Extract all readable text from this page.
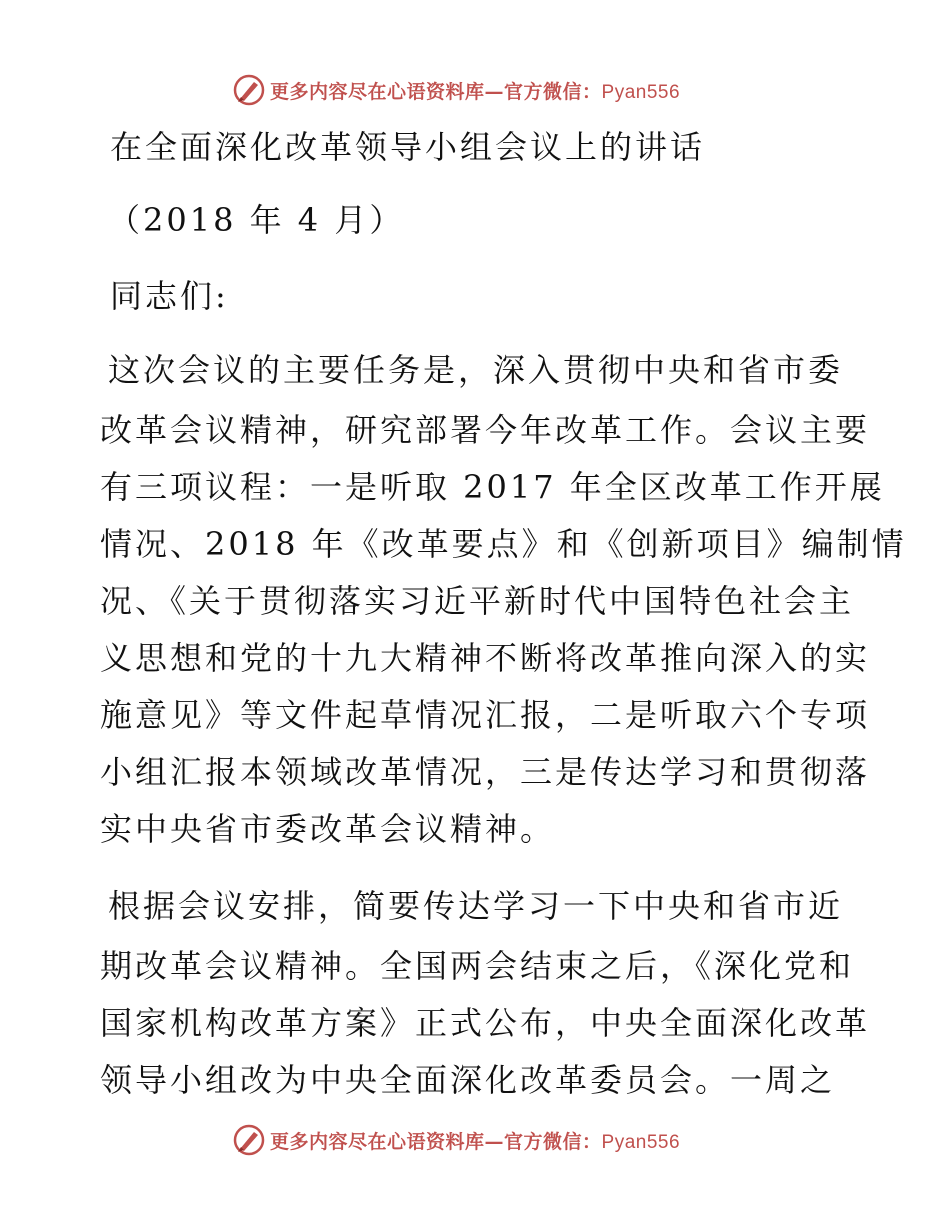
更多内容尽在心语资料库—官方微信：Pyan556

在全面深化改革领导小组会议上的讲话

（2018 年 4 月）

同志们:

这次会议的主要任务是，深入贯彻中央和省市委

改革会议精神，研究部署今年改革工作。会议主要

有三项议程：一是听取 2017 年全区改革工作开展

情况、2018 年《改革要点》和《创新项目》编制情

况、《关于贯彻落实习近平新时代中国特色社会主

义思想和党的十九大精神不断将改革推向深入的实

施意见》等文件起草情况汇报，二是听取六个专项

小组汇报本领域改革情况，三是传达学习和贯彻落

实中央省市委改革会议精神。

根据会议安排，简要传达学习一下中央和省市近

期改革会议精神。全国两会结束之后，《深化党和

国家机构改革方案》正式公布，中央全面深化改革

领导小组改为中央全面深化改革委员会。一周之

更多内容尽在心语资料库—官方微信：Pyan556
